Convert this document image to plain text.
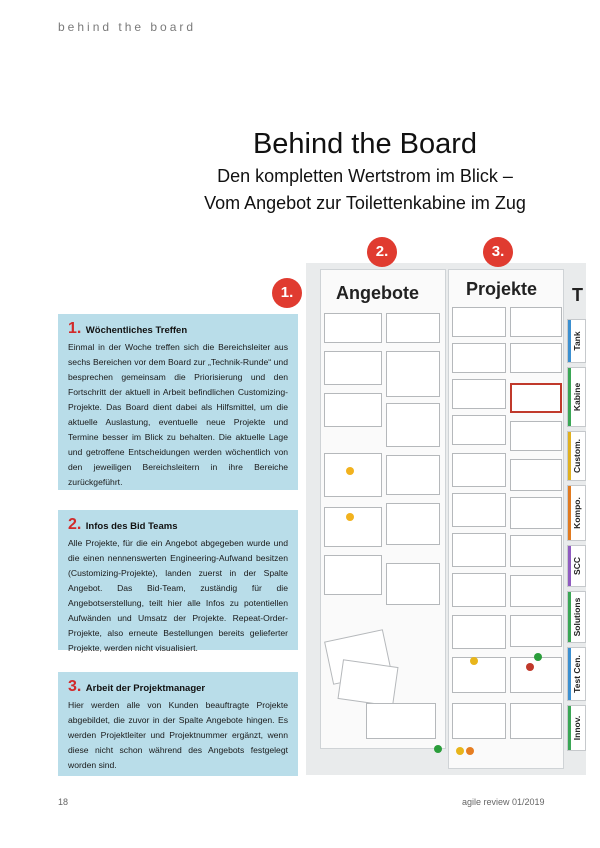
behind the board
Behind the Board
Den kompletten Wertstrom im Blick –
Vom Angebot zur Toilettenkabine im Zug
1. Wöchentliches Treffen

Einmal in der Woche treffen sich die Bereichsleiter aus sechs Bereichen vor dem Board zur „Technik-Runde“ und besprechen gemeinsam die Priorisierung und den Fortschritt der aktuell in Arbeit befindlichen Customizing-Projekte. Das Board dient dabei als Hilfsmittel, um die aktuelle Auslastung, eventuelle neue Projekte und Termine besser im Blick zu behalten. Die aktuelle Lage und getroffene Entscheidungen werden wöchentlich von den jeweiligen Bereichsleitern in ihre Bereiche zurückgeführt.

2. Infos des Bid Teams

Alle Projekte, für die ein Angebot abgegeben wurde und die einen nennenswerten Engineering-Aufwand besitzen (Customizing-Projekte), landen zuerst in der Spalte Angebot. Das Bid-Team, zuständig für die Angebotserstellung, teilt hier alle Infos zu potentiellen Aufwänden und Umsatz der Projekte. Repeat-Order-Projekte, also erneute Bestellungen bereits gelieferter Projekte, werden nicht visualisiert.

3. Arbeit der Projektmanager

Hier werden alle von Kunden beauftragte Projekte abgebildet, die zuvor in der Spalte Angebote hingen. Es werden Projektleiter und Projektnummer ergänzt, wenn diese nicht schon während des Angebots festgelegt worden sind.

Angebote	Projekte T
Tank
Kabine
Custom.
Kompo.
SCC
Solutions
Test Cen.
Innov.
1.
2.	3.
18	agile review 01/2019
